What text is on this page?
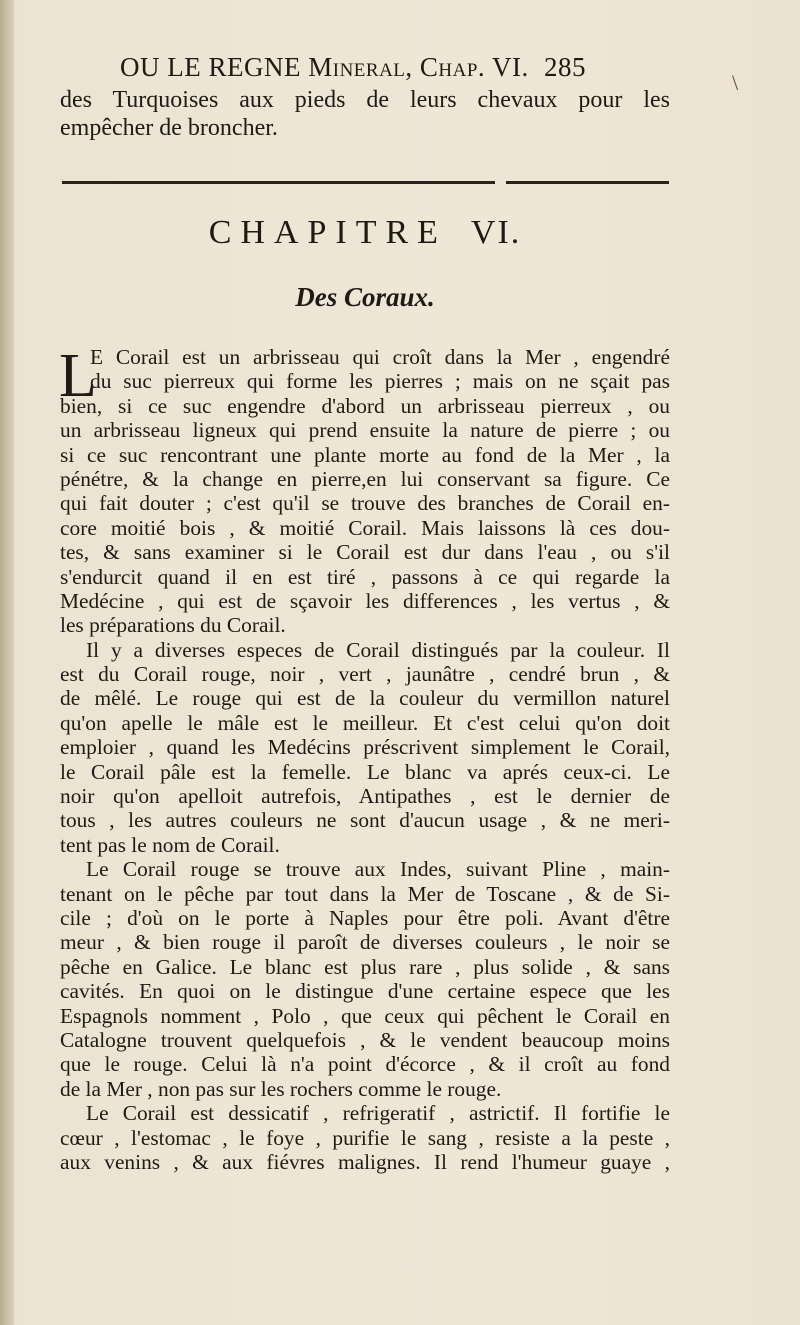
\
OU LE REGNE Mineral, Chap. VI. 285
des Turquoises aux pieds de leurs chevaux pour les
empêcher de broncher.
CHAPITRE VI.
Des Coraux.
L
E Corail est un arbrisseau qui croît dans la Mer , engendré
du suc pierreux qui forme les pierres ; mais on ne sçait pas
bien, si ce suc engendre d'abord un arbrisseau pierreux , ou
un arbrisseau ligneux qui prend ensuite la nature de pierre ; ou
si ce suc rencontrant une plante morte au fond de la Mer , la
pénétre, & la change en pierre,en lui conservant sa figure. Ce
qui fait douter ; c'est qu'il se trouve des branches de Corail en-
core moitié bois , & moitié Corail. Mais laissons là ces dou-
tes, & sans examiner si le Corail est dur dans l'eau , ou s'il
s'endurcit quand il en est tiré , passons à ce qui regarde la
Medécine , qui est de sçavoir les differences , les vertus , &
les préparations du Corail.
Il y a diverses especes de Corail distingués par la couleur. Il
est du Corail rouge, noir , vert , jaunâtre , cendré brun , &
de mêlé. Le rouge qui est de la couleur du vermillon naturel
qu'on apelle le mâle est le meilleur. Et c'est celui qu'on doit
emploier , quand les Medécins préscrivent simplement le Corail,
le Corail pâle est la femelle. Le blanc va aprés ceux-ci. Le
noir qu'on apelloit autrefois, Antipathes , est le dernier de
tous , les autres couleurs ne sont d'aucun usage , & ne meri-
tent pas le nom de Corail.
Le Corail rouge se trouve aux Indes, suivant Pline , main-
tenant on le pêche par tout dans la Mer de Toscane , & de Si-
cile ; d'où on le porte à Naples pour être poli. Avant d'être
meur , & bien rouge il paroît de diverses couleurs , le noir se
pêche en Galice. Le blanc est plus rare , plus solide , & sans
cavités. En quoi on le distingue d'une certaine espece que les
Espagnols nomment , Polo , que ceux qui pêchent le Corail en
Catalogne trouvent quelquefois , & le vendent beaucoup moins
que le rouge. Celui là n'a point d'écorce , & il croît au fond
de la Mer , non pas sur les rochers comme le rouge.
Le Corail est dessicatif , refrigeratif , astrictif. Il fortifie le
cœur , l'estomac , le foye , purifie le sang , resiste a la peste ,
aux venins , & aux fiévres malignes. Il rend l'humeur guaye ,
